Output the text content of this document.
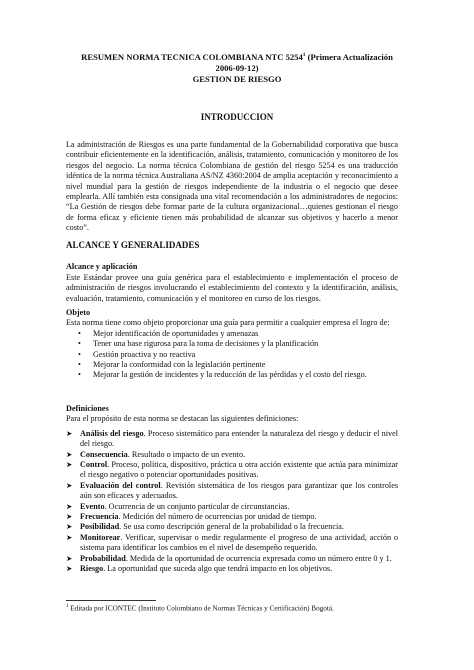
RESUMEN NORMA TECNICA COLOMBIANA NTC 5254$^1$ (Primera Actualización
2006-09-12)
GESTION DE RIESGO
INTRODUCCION

La administración de Riesgos es una parte fundamental de la Gobernabilidad corporativa que busca contribuir eficientemente en la identificación, análisis, tratamiento, comunicación y monitoreo de los riesgos del negocio. La norma técnica Colombiana de gestión del riesgo 5254 es una traducción idéntica de la norma técnica Australiana AS/NZ 4360:2004 de amplia aceptación y reconocimiento a nivel mundial para la gestión de riesgos independiente de la industria o el negocio que desee emplearla. Allí también esta consignada una vital recomendación a los administradores de negocios: “La Gestión de riesgos debe formar parte de la cultura organizacional…quienes gestionan el riesgo de forma eficaz y eficiente tienen más probabilidad de alcanzar sus objetivos y hacerlo a menor costo”.

ALCANCE Y GENERALIDADES

Alcance y aplicación

Este Estándar provee una guía genérica para el establecimiento e implementación el proceso de administración de riesgos involucrando el establecimiento del contexto y la identificación, análisis, evaluación, tratamiento, comunicación y el monitoreo en curso de los riesgos.

Objeto

Esta norma tiene como objeto proporcionar una guía para permitir a cualquier empresa el logro de:

• Mejor identificación de oportunidades y amenazas
• Tener una base rigurosa para la toma de decisiones y la planificación
• Gestión proactiva y no reactiva
• Mejorar la conformidad con la legislación pertinente
• Mejorar la gestión de incidentes y la reducción de las pérdidas y el costo del riesgo.

Definiciones

Para el propósito de esta norma se destacan las siguientes definiciones:

➤ Análisis del riesgo. Proceso sistemático para entender la naturaleza del riesgo y deducir el nivel del riesgo.

➤ Consecuencia. Resultado o impacto de un evento.

➤ Control. Proceso, política, dispositivo, práctica u otra acción existente que actúa para minimizar el riesgo negativo o potenciar oportunidades positivas.

➤ Evaluación del control. Revisión sistemática de los riesgos para garantizar que los controles aún son eficaces y adecuados.

➤ Evento. Ocurrencia de un conjunto particular de circunstancias.

➤ Frecuencia. Medición del número de ocurrencias por unidad de tiempo.

➤ Posibilidad. Se usa como descripción general de la probabilidad o la frecuencia.

➤ Monitorear. Verificar, supervisar o medir regularmente el progreso de una actividad, acción o sistema para identificar los cambios en el nivel de desempeño requerido.

➤ Probabilidad. Medida de la oportunidad de ocurrencia expresada como un número entre 0 y 1.

➤ Riesgo. La oportunidad que suceda algo que tendrá impacto en los objetivos.

$^1$ Editada por ICONTEC (Instituto Colombiano de Normas Técnicas y Certificación) Bogotá.
